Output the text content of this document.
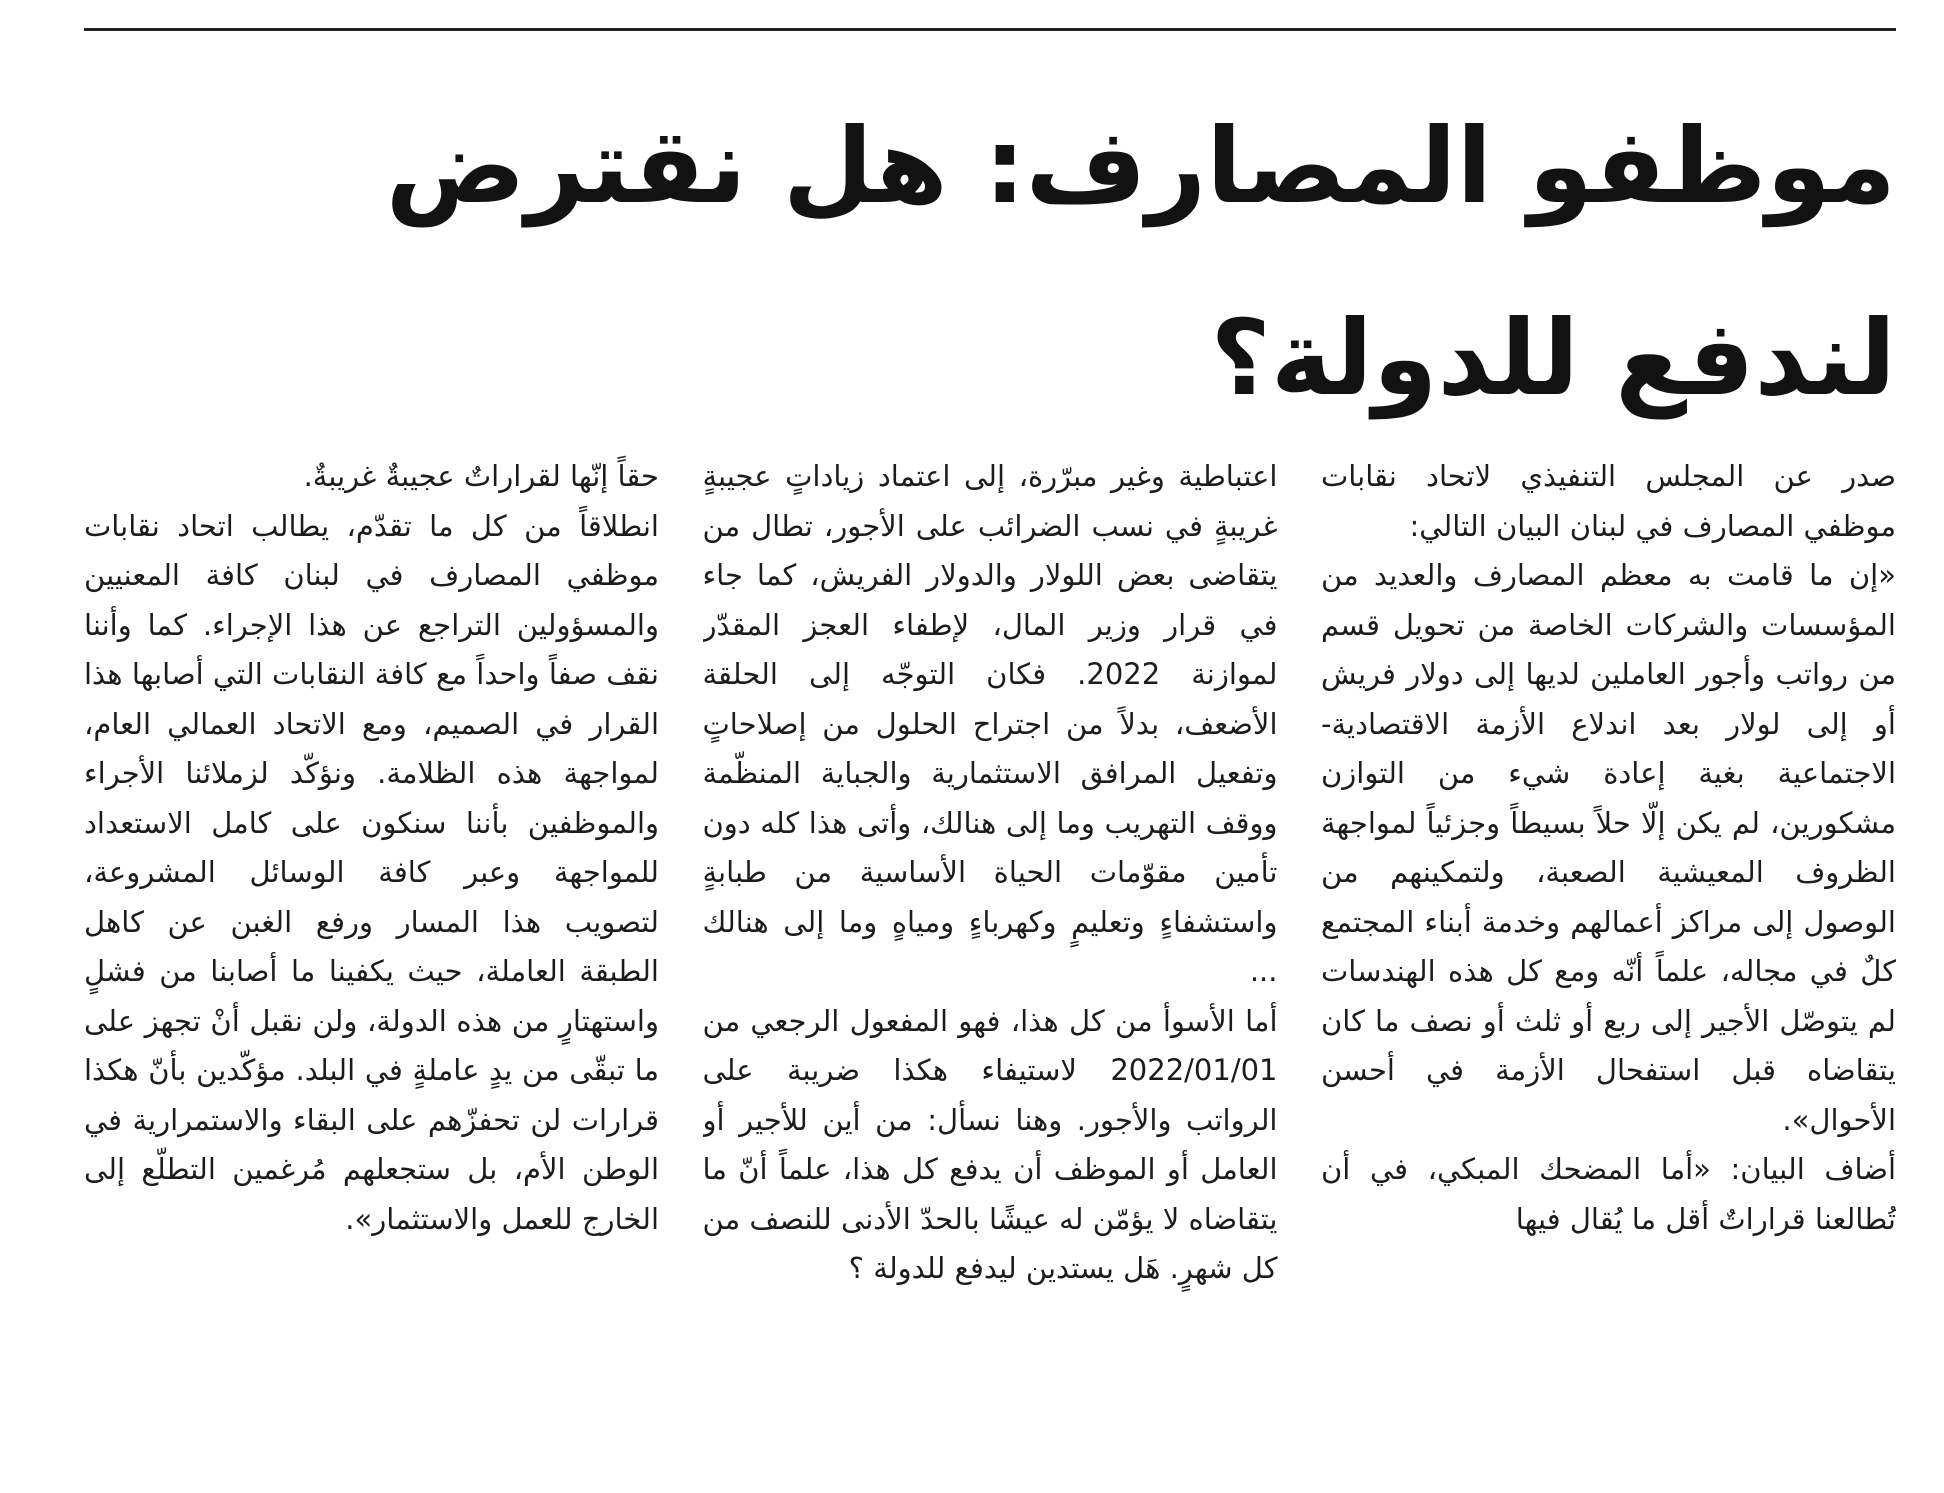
موظفو المصارف: هل نقترض لندفع للدولة؟

صدر عن المجلس التنفيذي لاتحاد نقابات موظفي المصارف في لبنان البيان التالي:

«إن ما قامت به معظم المصارف والعديد من المؤسسات والشركات الخاصة من تحويل قسم من رواتب وأجور العاملين لديها إلى دولار فريش أو إلى لولار بعد اندلاع الأزمة الاقتصادية-الاجتماعية بغية إعادة شيء من التوازن مشكورين، لم يكن إلّا حلاً بسيطاً وجزئياً لمواجهة الظروف المعيشية الصعبة، ولتمكينهم من الوصول إلى مراكز أعمالهم وخدمة أبناء المجتمع كلٌ في مجاله، علماً أنّه ومع كل هذه الهندسات لم يتوصّل الأجير إلى ربع أو ثلث أو نصف ما كان يتقاضاه قبل استفحال الأزمة في أحسن الأحوال».

أضاف البيان: «أما المضحك المبكي، في أن تُطالعنا قراراتٌ أقل ما يُقال فيها

اعتباطية وغير مبرّرة، إلى اعتماد زياداتٍ عجيبةٍ غريبةٍ في نسب الضرائب على الأجور، تطال من يتقاضى بعض اللولار والدولار الفريش، كما جاء في قرار وزير المال، لإطفاء العجز المقدّر لموازنة 2022. فكان التوجّه إلى الحلقة الأضعف، بدلاً من اجتراح الحلول من إصلاحاتٍ وتفعيل المرافق الاستثمارية والجباية المنظّمة ووقف التهريب وما إلى هنالك، وأتى هذا كله دون تأمين مقوّمات الحياة الأساسية من طبابةٍ واستشفاءٍ وتعليمٍ وكهرباءٍ ومياهٍ وما إلى هنالك ...

أما الأسوأ من كل هذا، فهو المفعول الرجعي من 2022/01/01 لاستيفاء هكذا ضريبة على الرواتب والأجور. وهنا نسأل: من أين للأجير أو العامل أو الموظف أن يدفع كل هذا، علماً أنّ ما يتقاضاه لا يؤمّن له عيشًا بالحدّ الأدنى للنصف من كل شهرٍ. هَل يستدين ليدفع للدولة ؟

حقاً إنّها لقراراتٌ عجيبةٌ غريبةٌ.

انطلاقاً من كل ما تقدّم، يطالب اتحاد نقابات موظفي المصارف في لبنان كافة المعنيين والمسؤولين التراجع عن هذا الإجراء. كما وأننا نقف صفاً واحداً مع كافة النقابات التي أصابها هذا القرار في الصميم، ومع الاتحاد العمالي العام، لمواجهة هذه الظلامة. ونؤكّد لزملائنا الأجراء والموظفين بأننا سنكون على كامل الاستعداد للمواجهة وعبر كافة الوسائل المشروعة، لتصويب هذا المسار ورفع الغبن عن كاهل الطبقة العاملة، حيث يكفينا ما أصابنا من فشلٍ واستهتارٍ من هذه الدولة، ولن نقبل أنْ تجهز على ما تبقّى من يدٍ عاملةٍ في البلد. مؤكّدين بأنّ هكذا قرارات لن تحفزّهم على البقاء والاستمرارية في الوطن الأم، بل ستجعلهم مُرغمين التطلّع إلى الخارج للعمل والاستثمار».
